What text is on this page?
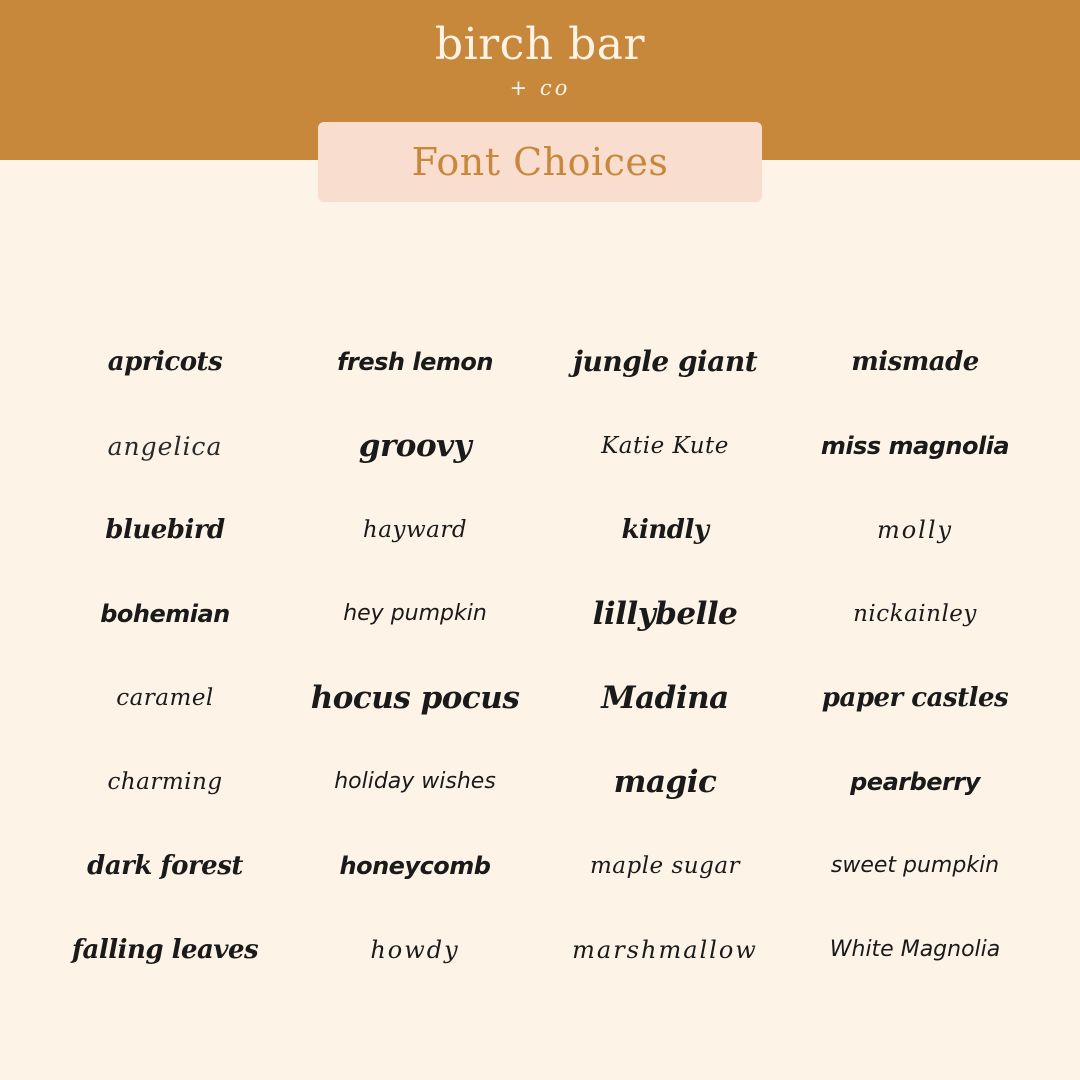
birch bar
+ co
Font Choices
apricots	fresh lemon	jungle giant	mismade
angelica	groovy	Katie Kute	miss magnolia
bluebird	hayward	kindly	molly
bohemian	hey pumpkin	lillybelle	nickainley
caramel	hocus pocus	Madina	paper castles
charming	holiday wishes	magic	pearberry
dark forest	honeycomb	maple sugar	sweet pumpkin
falling leaves	howdy	marshmallow	White Magnolia
